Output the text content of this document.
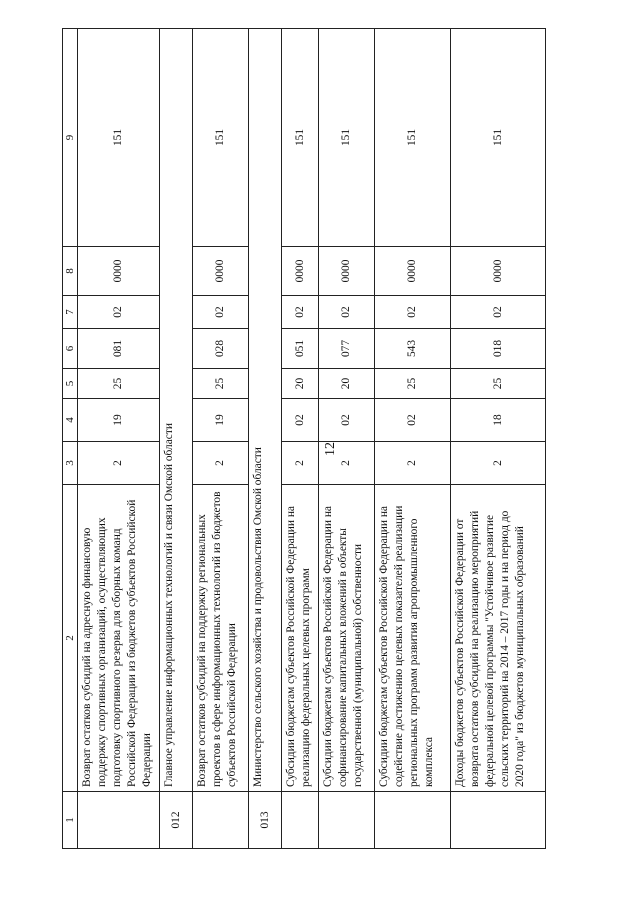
12
1	2	3	4	5	6	7	8	9
	Возврат остатков субсидий на адресную финансовую поддержку спортивных организаций, осуществляющих подготовку спортивного резерва для сборных команд Российской Федерации из бюджетов субъектов Российской Федерации	2	19	25	081	02	0000	151
012	Главное управление информационных технологий и связи Омской области							
	Возврат остатков субсидий на поддержку региональных проектов в сфере информационных технологий из бюджетов субъектов Российской Федерации	2	19	25	028	02	0000	151
013	Министерство сельского хозяйства и продовольствия Омской области							
	Субсидии бюджетам субъектов Российской Федерации на реализацию федеральных целевых программ	2	02	20	051	02	0000	151
	Субсидии бюджетам субъектов Российской Федерации на софинансирование капитальных вложений в объекты государственной (муниципальной) собственности	2	02	20	077	02	0000	151
	Субсидии бюджетам субъектов Российской Федерации на содействие достижению целевых показателей реализации региональных программ развития агропромышленного комплекса	2	02	25	543	02	0000	151
	Доходы бюджетов субъектов Российской Федерации от возврата остатков субсидий на реализацию мероприятий федеральной целевой программы "Устойчивое развитие сельских территорий на 2014 – 2017 годы и на период до 2020 года" из бюджетов муниципальных образований	2	18	25	018	02	0000	151
